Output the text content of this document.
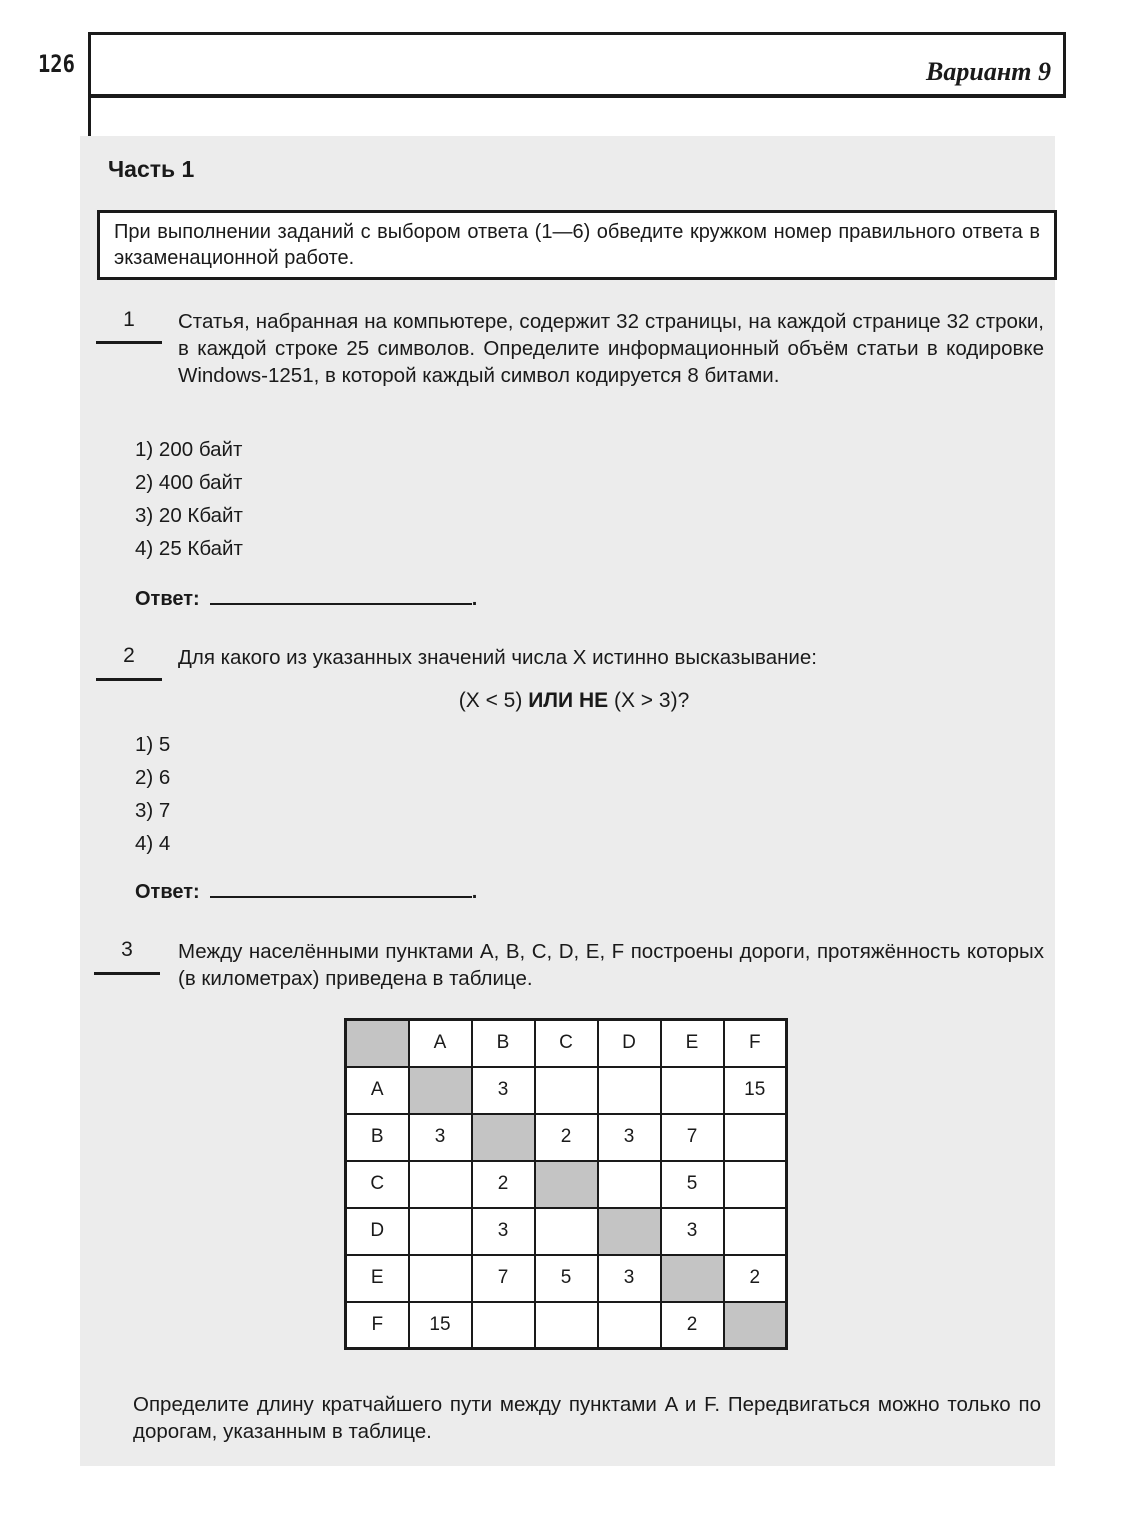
126	Вариант 9
Часть 1
При выполнении заданий с выбором ответа (1—6) обведите кружком номер правильного ответа в экзаменационной работе.
1	Статья, набранная на компьютере, содержит 32 страницы, на каждой странице 32 строки, в каждой строке 25 символов. Определите информационный объём статьи в кодировке Windows-1251, в которой каждый символ кодируется 8 битами.
1) 200 байт
2) 400 байт
3) 20 Кбайт
4) 25 Кбайт
Ответ:	.
2	Для какого из указанных значений числа X истинно высказывание:
(X < 5) ИЛИ НЕ (X > 3)?
1) 5
2) 6
3) 7
4) 4
Ответ:	.
3	Между населёнными пунктами A, B, C, D, E, F построены дороги, протяжённость которых (в километрах) приведена в таблице.
	A	B	C	D	E	F
A		3				15
B	3		2	3	7	
C		2			5	
D		3			3	
E		7	5	3		2
F	15				2	
Определите длину кратчайшего пути между пунктами A и F. Передвигаться можно только по дорогам, указанным в таблице.
